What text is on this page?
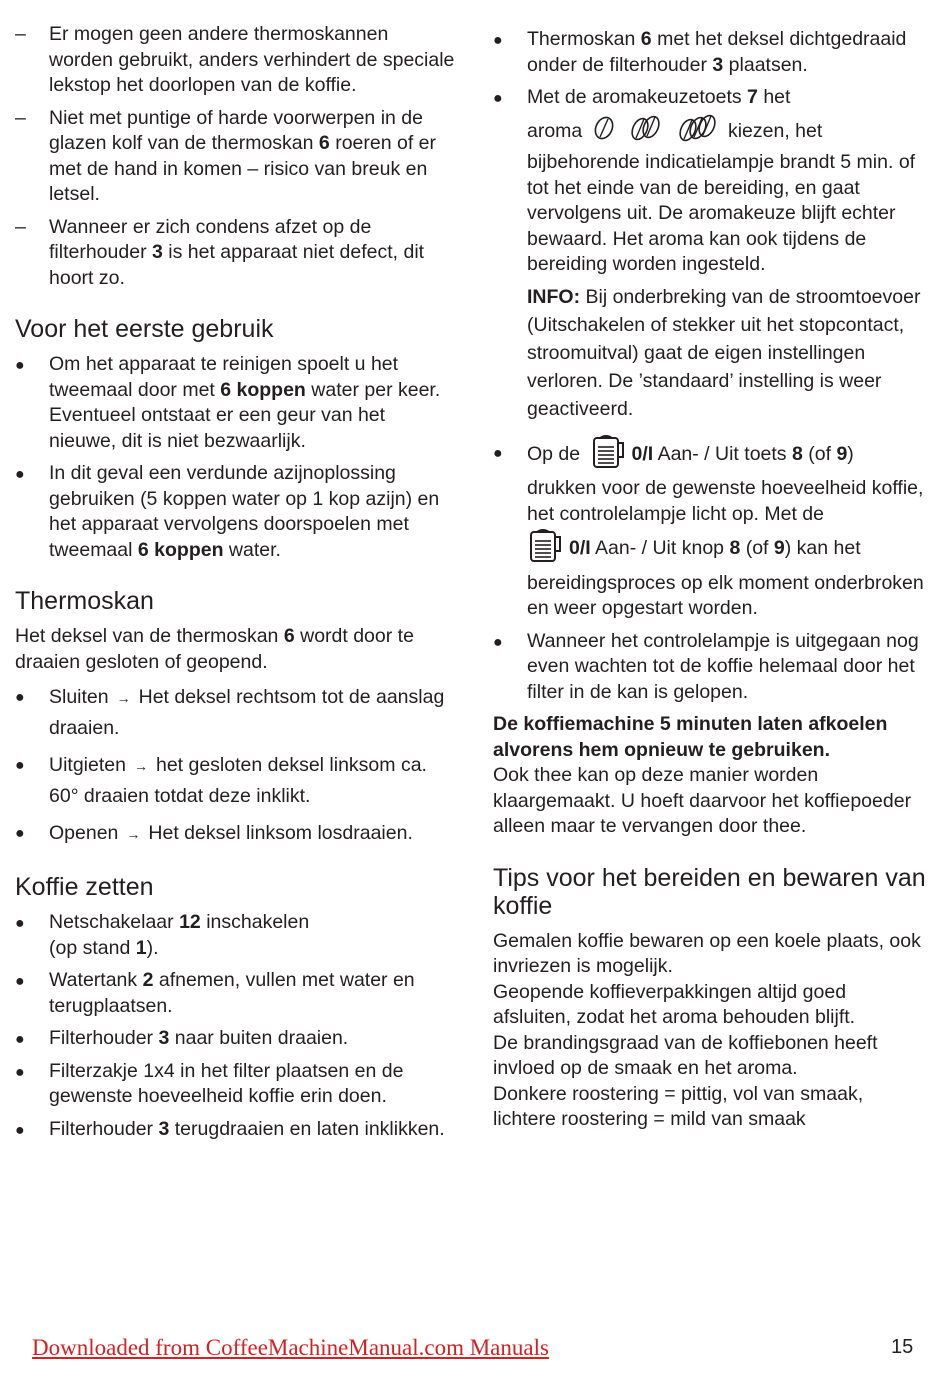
–	Er mogen geen andere thermoskannen worden gebruikt, anders verhindert de speciale lekstop het doorlopen van de koffie.
–	Niet met puntige of harde voorwerpen in de glazen kolf van de thermoskan 6 roeren of er met de hand in komen – risico van breuk en letsel.
–	Wanneer er zich condens afzet op de filterhouder 3 is het apparaat niet defect, dit hoort zo.
Voor het eerste gebruik
●	Om het apparaat te reinigen spoelt u het tweemaal door met 6 koppen water per keer. Eventueel ontstaat er een geur van het nieuwe, dit is niet bezwaarlijk.
●	In dit geval een verdunde azijnoplossing gebruiken (5 koppen water op 1 kop azijn) en het apparaat vervolgens doorspoelen met tweemaal 6 koppen water.
Thermoskan
Het deksel van de thermoskan 6 wordt door te draaien gesloten of geopend.
●	Sluiten → Het deksel rechtsom tot de aanslag draaien.
●	Uitgieten → het gesloten deksel linksom ca. 60° draaien totdat deze inklikt.
●	Openen → Het deksel linksom losdraaien.
Koffie zetten
●	Netschakelaar 12 inschakelen
(op stand 1).
●	Watertank 2 afnemen, vullen met water en terugplaatsen.
●	Filterhouder 3 naar buiten draaien.
●	Filterzakje 1x4 in het filter plaatsen en de gewenste hoeveelheid koffie erin doen.
●	Filterhouder 3 terugdraaien en laten inklikken.
●	Thermoskan 6 met het deksel dichtgedraaid onder de filterhouder 3 plaatsen.
●	Met de aromakeuzetoets 7 het
aroma	kiezen, het bijbehorende indicatielampje brandt 5 min. of tot het einde van de bereiding, en gaat vervolgens uit. De aromakeuze blijft echter bewaard. Het aroma kan ook tijdens de bereiding worden ingesteld.
INFO: Bij onderbreking van de stroomtoevoer (Uitschakelen of stekker uit het stopcontact, stroomuitval) gaat de eigen instellingen verloren. De ’standaard’ instelling is weer geactiveerd.
●	Op de	0/I Aan- / Uit toets 8 (of 9) drukken voor de gewenste hoeveelheid koffie, het controlelampje licht op. Met de
0/I Aan- / Uit knop 8 (of 9) kan het bereidingsproces op elk moment onderbroken en weer opgestart worden.
●	Wanneer het controlelampje is uitgegaan nog even wachten tot de koffie helemaal door het filter in de kan is gelopen.
De koffiemachine 5 minuten laten afkoelen alvorens hem opnieuw te gebruiken.
Ook thee kan op deze manier worden klaargemaakt. U hoeft daarvoor het koffiepoeder alleen maar te vervangen door thee.
Tips voor het bereiden en bewaren van koffie
Gemalen koffie bewaren op een koele plaats, ook invriezen is mogelijk.
Geopende koffieverpakkingen altijd goed afsluiten, zodat het aroma behouden blijft.
De brandingsgraad van de koffiebonen heeft invloed op de smaak en het aroma.
Donkere roostering = pittig, vol van smaak, lichtere roostering = mild van smaak
Downloaded from CoffeeMachineManual.com Manuals	15
